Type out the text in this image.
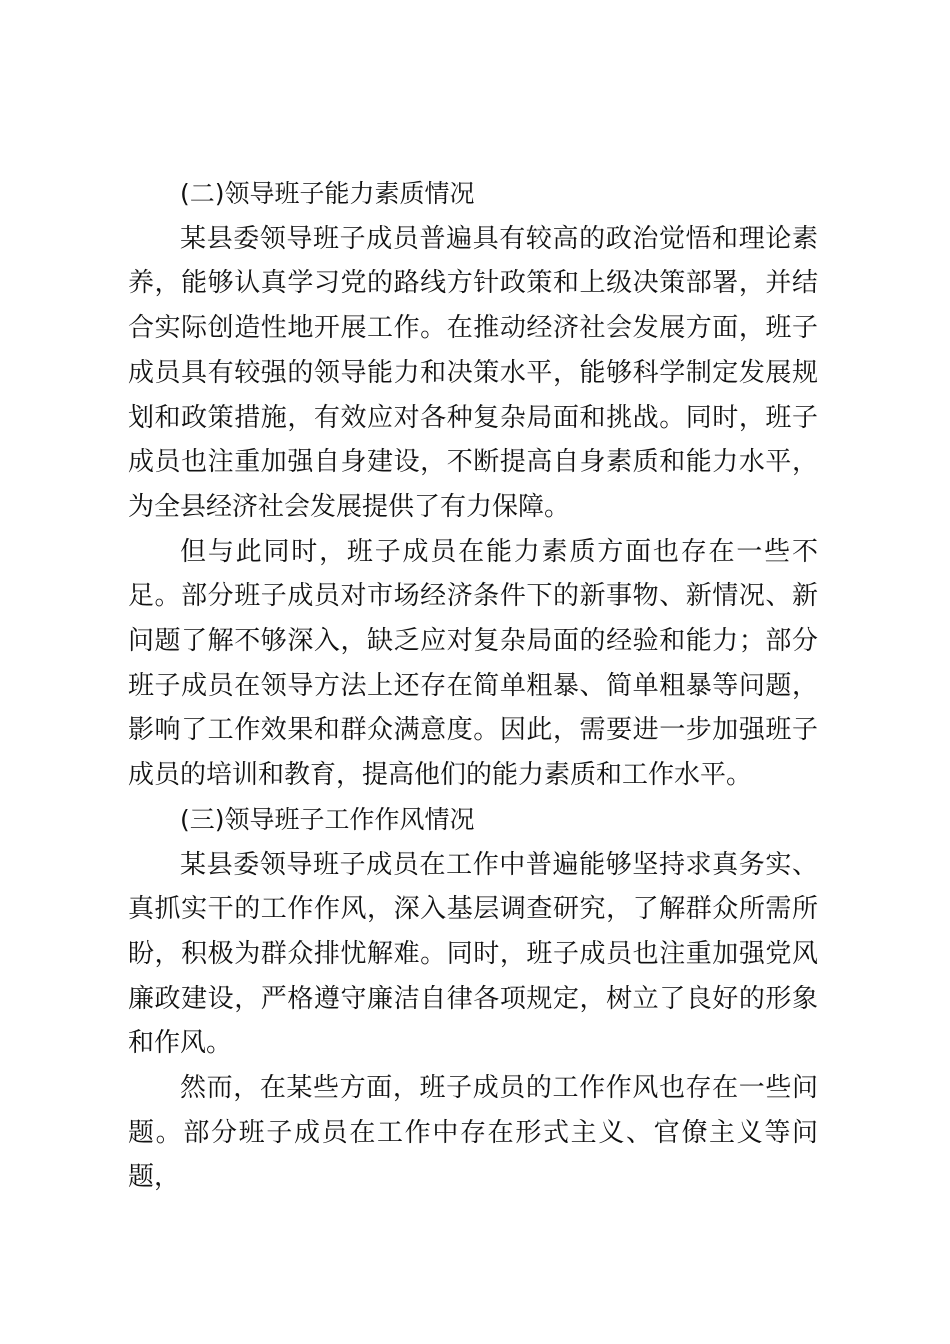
(二)领导班子能力素质情况

某县委领导班子成员普遍具有较高的政治觉悟和理论素养，能够认真学习党的路线方针政策和上级决策部署，并结合实际创造性地开展工作。在推动经济社会发展方面，班子成员具有较强的领导能力和决策水平，能够科学制定发展规划和政策措施，有效应对各种复杂局面和挑战。同时，班子成员也注重加强自身建设，不断提高自身素质和能力水平，为全县经济社会发展提供了有力保障。

但与此同时，班子成员在能力素质方面也存在一些不足。部分班子成员对市场经济条件下的新事物、新情况、新问题了解不够深入，缺乏应对复杂局面的经验和能力；部分班子成员在领导方法上还存在简单粗暴、简单粗暴等问题，影响了工作效果和群众满意度。因此，需要进一步加强班子成员的培训和教育，提高他们的能力素质和工作水平。

(三)领导班子工作作风情况

某县委领导班子成员在工作中普遍能够坚持求真务实、真抓实干的工作作风，深入基层调查研究，了解群众所需所盼，积极为群众排忧解难。同时，班子成员也注重加强党风廉政建设，严格遵守廉洁自律各项规定，树立了良好的形象和作风。

然而，在某些方面，班子成员的工作作风也存在一些问题。部分班子成员在工作中存在形式主义、官僚主义等问题，
